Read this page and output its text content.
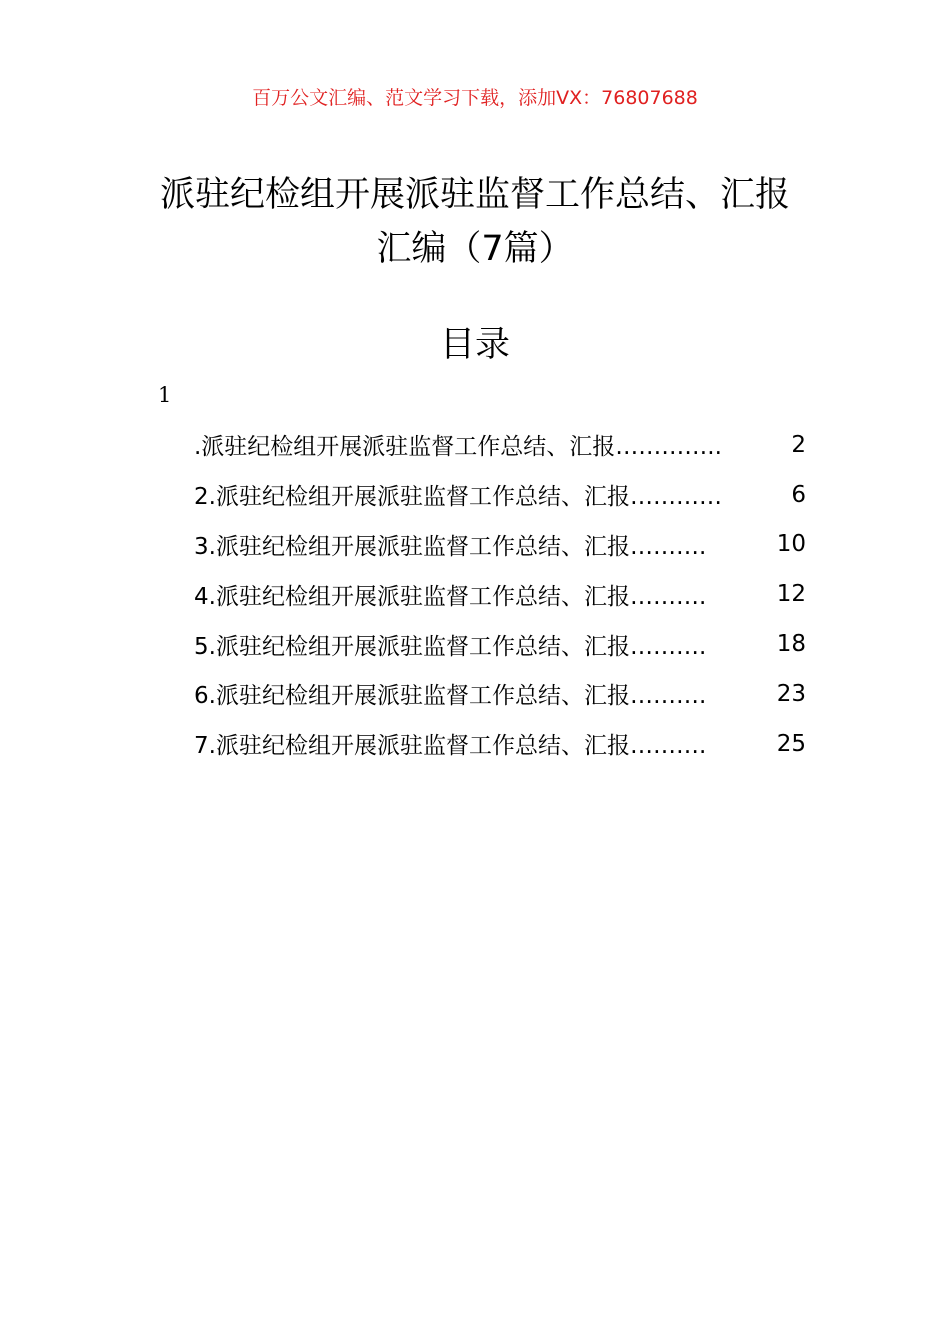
百万公文汇编、范文学习下载，添加VX：76807688
派驻纪检组开展派驻监督工作总结、汇报
汇编（7篇）
目录
1
.派驻纪检组开展派驻监督工作总结、汇报…………..	2
2.派驻纪检组开展派驻监督工作总结、汇报…………	6
3.派驻纪检组开展派驻监督工作总结、汇报……….	10
4.派驻纪检组开展派驻监督工作总结、汇报……….	12
5.派驻纪检组开展派驻监督工作总结、汇报……….	18
6.派驻纪检组开展派驻监督工作总结、汇报……….	23
7.派驻纪检组开展派驻监督工作总结、汇报……….	25
